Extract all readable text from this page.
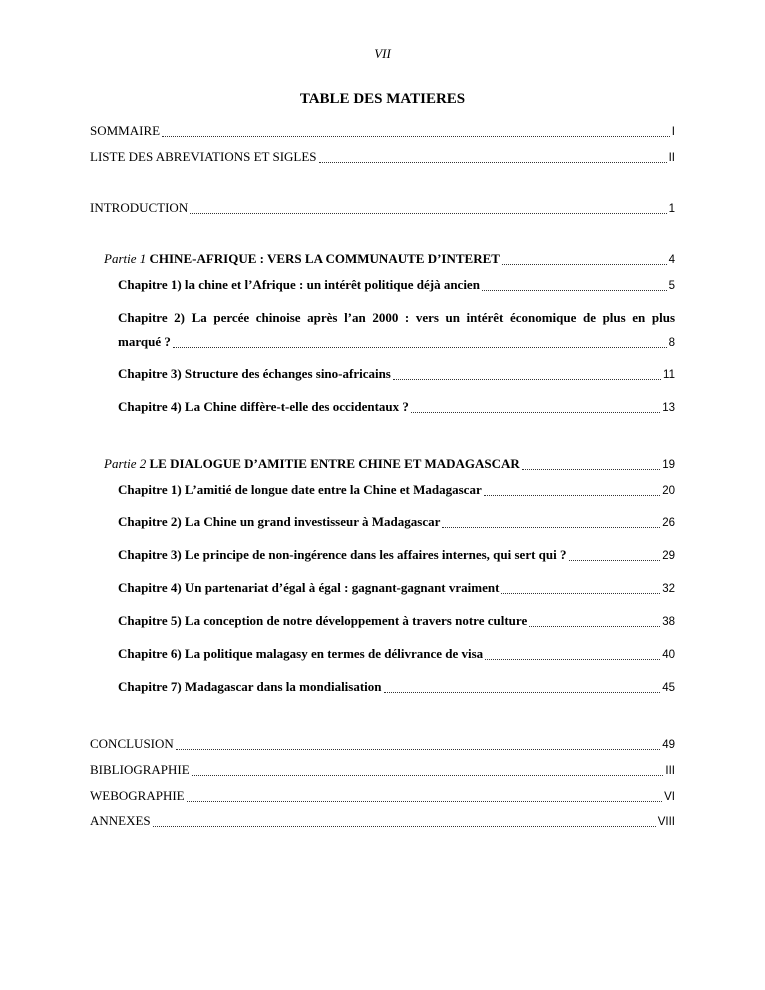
VII
TABLE DES MATIERES
SOMMAIRE	I
LISTE DES ABREVIATIONS ET SIGLES	II
INTRODUCTION	1
Partie 1 CHINE-AFRIQUE : VERS LA COMMUNAUTE D’INTERET	4
Chapitre 1) la chine et l’Afrique : un intérêt politique déjà ancien	5
Chapitre 2) La percée chinoise après l’an 2000 : vers un intérêt économique de plus en plus
marqué ?	8
Chapitre 3) Structure des échanges sino-africains	11
Chapitre 4) La Chine diffère-t-elle des occidentaux ?	13
Partie 2 LE DIALOGUE D’AMITIE ENTRE CHINE ET MADAGASCAR	19
Chapitre 1) L’amitié de longue date entre la Chine et Madagascar	20
Chapitre 2) La Chine un grand investisseur à Madagascar	26
Chapitre 3) Le principe de non-ingérence dans les affaires internes, qui sert qui ?	29
Chapitre 4) Un partenariat d’égal à égal : gagnant-gagnant vraiment	32
Chapitre 5) La conception de notre développement à travers notre culture	38
Chapitre 6) La politique malagasy en termes de délivrance de visa	40
Chapitre 7) Madagascar dans la mondialisation	45
CONCLUSION	49
BIBLIOGRAPHIE	III
WEBOGRAPHIE	VI
ANNEXES	VIII
